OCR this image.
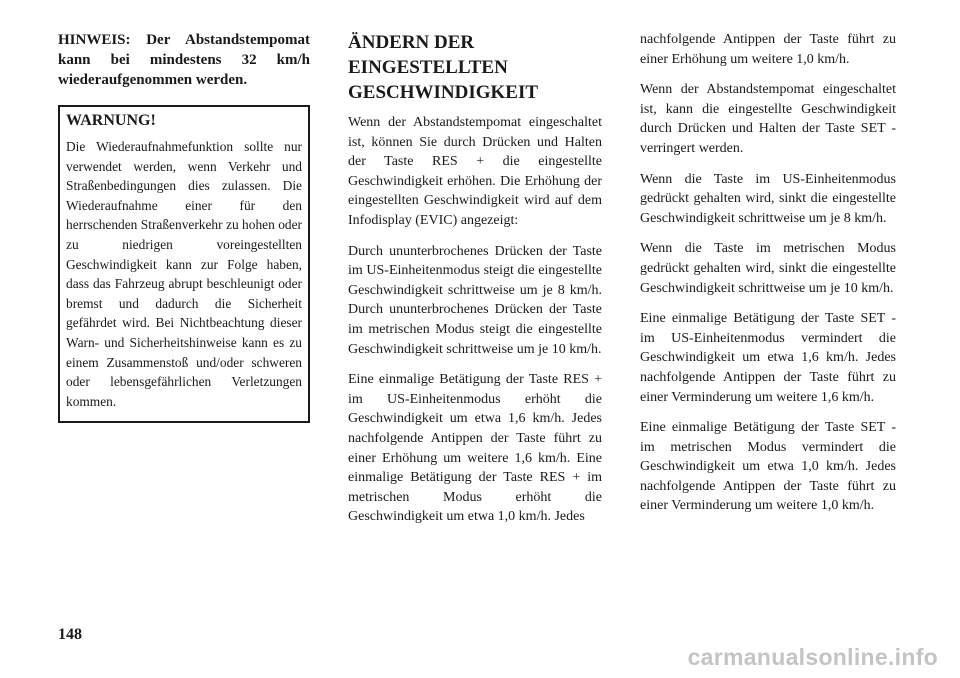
HINWEIS: Der Abstandstempomat kann bei mindestens 32 km/h wiederaufgenommen werden.

WARNUNG!

Die Wiederaufnahmefunktion sollte nur verwendet werden, wenn Verkehr und Straßenbedingungen dies zulassen. Die Wiederaufnahme einer für den herrschenden Straßenverkehr zu hohen oder zu niedrigen voreingestellten Geschwindigkeit kann zur Folge haben, dass das Fahrzeug abrupt beschleunigt oder bremst und dadurch die Sicherheit gefährdet wird. Bei Nichtbeachtung dieser Warn- und Sicherheitshinweise kann es zu einem Zusammenstoß und/oder schweren oder lebensgefährlichen Verletzungen kommen.

ÄNDERN DER EINGESTELLTEN GESCHWINDIGKEIT

Wenn der Abstandstempomat eingeschaltet ist, können Sie durch Drücken und Halten der Taste RES + die eingestellte Geschwindigkeit erhöhen. Die Erhöhung der eingestellten Geschwindigkeit wird auf dem Infodisplay (EVIC) angezeigt:

Durch ununterbrochenes Drücken der Taste im US-Einheitenmodus steigt die eingestellte Geschwindigkeit schrittweise um je 8 km/h. Durch ununterbrochenes Drücken der Taste im metrischen Modus steigt die eingestellte Geschwindigkeit schrittweise um je 10 km/h.

Eine einmalige Betätigung der Taste RES + im US-Einheitenmodus erhöht die Geschwindigkeit um etwa 1,6 km/h. Jedes nachfolgende Antippen der Taste führt zu einer Erhöhung um weitere 1,6 km/h. Eine einmalige Betätigung der Taste RES + im metrischen Modus erhöht die Geschwindigkeit um etwa 1,0 km/h. Jedes

nachfolgende Antippen der Taste führt zu einer Erhöhung um weitere 1,0 km/h.

Wenn der Abstandstempomat eingeschaltet ist, kann die eingestellte Geschwindigkeit durch Drücken und Halten der Taste SET - verringert werden.

Wenn die Taste im US-Einheitenmodus gedrückt gehalten wird, sinkt die eingestellte Geschwindigkeit schrittweise um je 8 km/h.

Wenn die Taste im metrischen Modus gedrückt gehalten wird, sinkt die eingestellte Geschwindigkeit schrittweise um je 10 km/h.

Eine einmalige Betätigung der Taste SET - im US-Einheitenmodus vermindert die Geschwindigkeit um etwa 1,6 km/h. Jedes nachfolgende Antippen der Taste führt zu einer Verminderung um weitere 1,6 km/h.

Eine einmalige Betätigung der Taste SET - im metrischen Modus vermindert die Geschwindigkeit um etwa 1,0 km/h. Jedes nachfolgende Antippen der Taste führt zu einer Verminderung um weitere 1,0 km/h.

148
carmanualsonline.info
